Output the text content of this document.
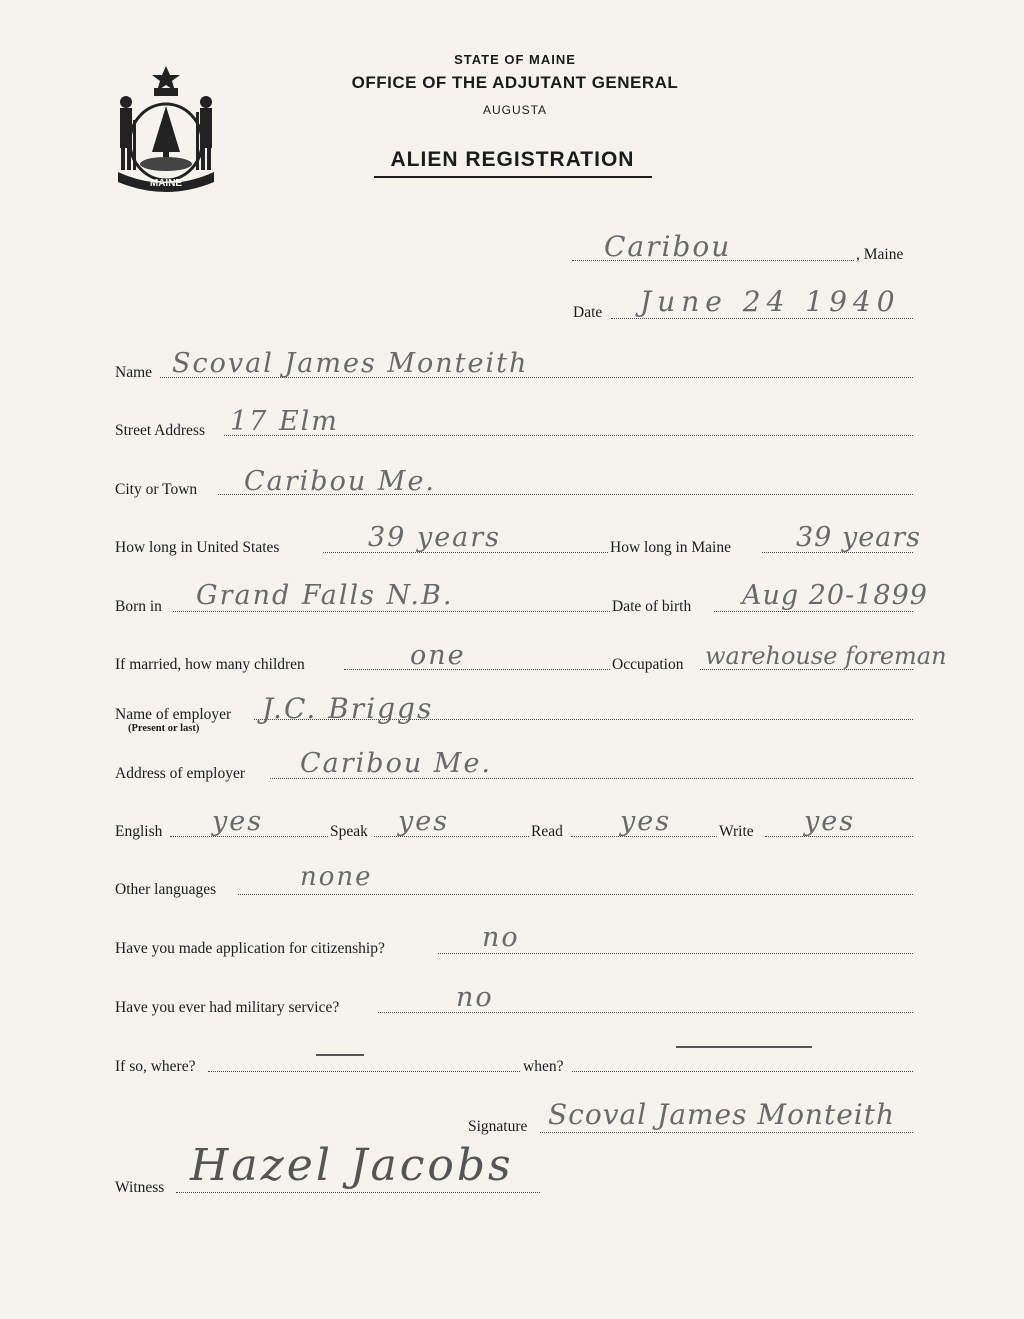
MAINE
STATE OF MAINE
OFFICE OF THE ADJUTANT GENERAL
AUGUSTA
ALIEN REGISTRATION
Caribou	, Maine
Date June 24 1940
Name Scoval James Monteith
Street Address 17 Elm
City or Town Caribou Me.
How long in United States	39 years	How long in Maine 39 years
Born in Grand Falls N.B.	Date of birth Aug 20-1899
If married, how many children	one	Occupation warehouse foreman
Name of employer
(Present or last)
J.C. Briggs
Address of employer Caribou Me.
English yes	Speak yes	Read yes	Write yes
Other languages	none
Have you made application for citizenship?	no
Have you ever had military service?	no
If so, where?	when?
Signature Scoval James Monteith
Witness Hazel Jacobs
